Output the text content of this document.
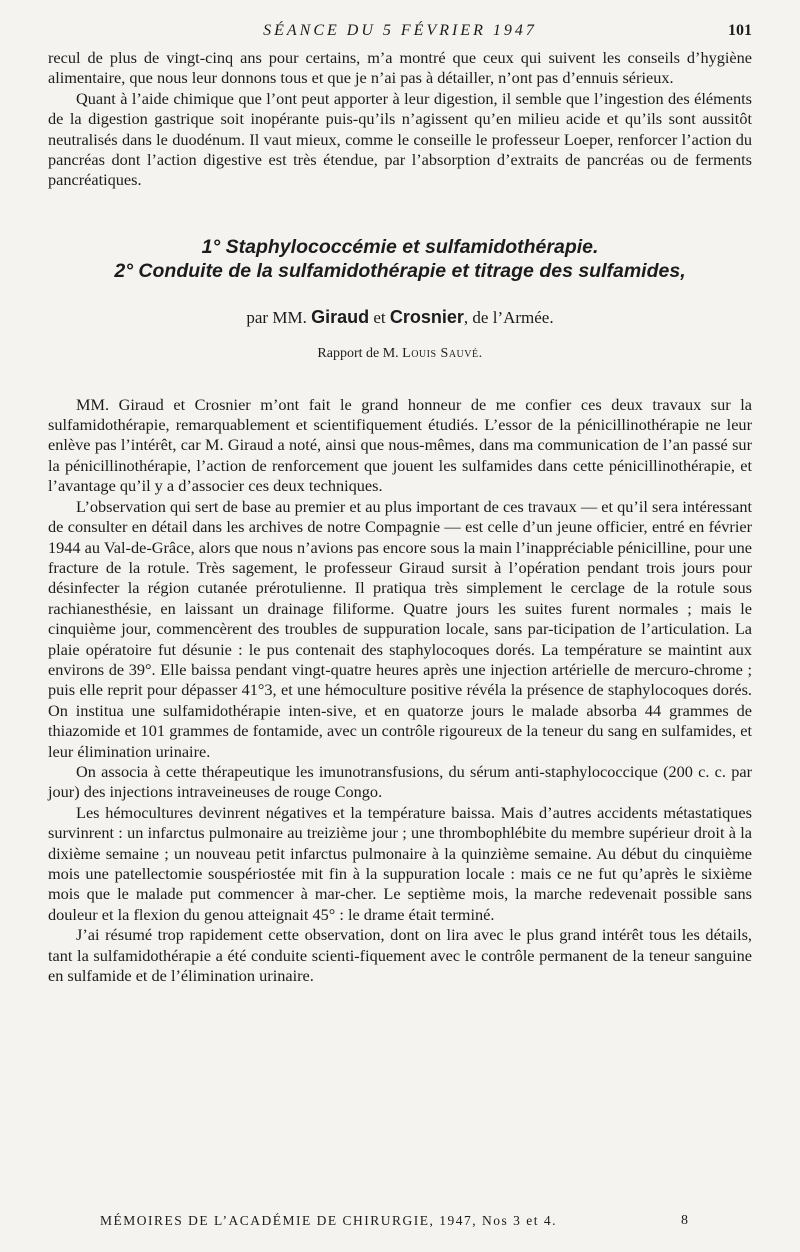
SÉANCE DU 5 FÉVRIER 1947	101

recul de plus de vingt-cinq ans pour certains, m’a montré que ceux qui suivent les conseils d’hygiène alimentaire, que nous leur donnons tous et que je n’ai pas à détailler, n’ont pas d’ennuis sérieux.

Quant à l’aide chimique que l’ont peut apporter à leur digestion, il semble que l’ingestion des éléments de la digestion gastrique soit inopérante puis-qu’ils n’agissent qu’en milieu acide et qu’ils sont aussitôt neutralisés dans le duodénum. Il vaut mieux, comme le conseille le professeur Loeper, renforcer l’action du pancréas dont l’action digestive est très étendue, par l’absorption d’extraits de pancréas ou de ferments pancréatiques.

1° Staphylococcémie et sulfamidothérapie.
2° Conduite de la sulfamidothérapie et titrage des sulfamides,
par MM. Giraud et Crosnier, de l’Armée.
Rapport de M. Louis Sauvé.

MM. Giraud et Crosnier m’ont fait le grand honneur de me confier ces deux travaux sur la sulfamidothérapie, remarquablement et scientifiquement étudiés. L’essor de la pénicillinothérapie ne leur enlève pas l’intérêt, car M. Giraud a noté, ainsi que nous-mêmes, dans ma communication de l’an passé sur la pénicillinothérapie, l’action de renforcement que jouent les sulfamides dans cette pénicillinothérapie, et l’avantage qu’il y a d’associer ces deux techniques.

L’observation qui sert de base au premier et au plus important de ces travaux — et qu’il sera intéressant de consulter en détail dans les archives de notre Compagnie — est celle d’un jeune officier, entré en février 1944 au Val-de-Grâce, alors que nous n’avions pas encore sous la main l’inappréciable pénicilline, pour une fracture de la rotule. Très sagement, le professeur Giraud sursit à l’opération pendant trois jours pour désinfecter la région cutanée prérotulienne. Il pratiqua très simplement le cerclage de la rotule sous rachianesthésie, en laissant un drainage filiforme. Quatre jours les suites furent normales ; mais le cinquième jour, commencèrent des troubles de suppuration locale, sans par-ticipation de l’articulation. La plaie opératoire fut désunie : le pus contenait des staphylocoques dorés. La température se maintint aux environs de 39°. Elle baissa pendant vingt-quatre heures après une injection artérielle de mercuro-chrome ; puis elle reprit pour dépasser 41°3, et une hémoculture positive révéla la présence de staphylocoques dorés. On institua une sulfamidothérapie inten-sive, et en quatorze jours le malade absorba 44 grammes de thiazomide et 101 grammes de fontamide, avec un contrôle rigoureux de la teneur du sang en sulfamides, et leur élimination urinaire.

On associa à cette thérapeutique les imunotransfusions, du sérum anti-staphylococcique (200 c. c. par jour) des injections intraveineuses de rouge Congo.

Les hémocultures devinrent négatives et la température baissa. Mais d’autres accidents métastatiques survinrent : un infarctus pulmonaire au treizième jour ; une thrombophlébite du membre supérieur droit à la dixième semaine ; un nouveau petit infarctus pulmonaire à la quinzième semaine. Au début du cinquième mois une patellectomie souspériostée mit fin à la suppuration locale : mais ce ne fut qu’après le sixième mois que le malade put commencer à mar-cher. Le septième mois, la marche redevenait possible sans douleur et la flexion du genou atteignait 45° : le drame était terminé.

J’ai résumé trop rapidement cette observation, dont on lira avec le plus grand intérêt tous les détails, tant la sulfamidothérapie a été conduite scienti-fiquement avec le contrôle permanent de la teneur sanguine en sulfamide et de l’élimination urinaire.

MÉMOIRES DE L’ACADÉMIE DE CHIRURGIE, 1947, Nos 3 et 4.	8
